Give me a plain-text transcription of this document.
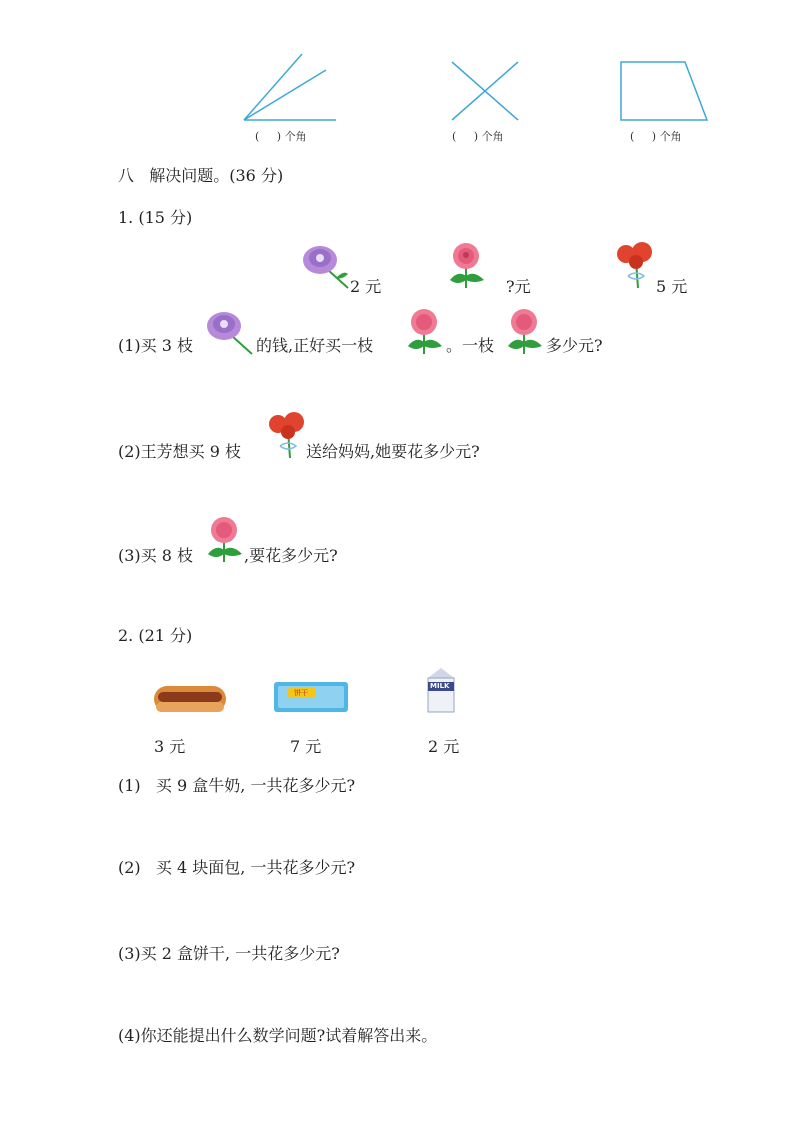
(     ) 个角	(     ) 个角	(     ) 个角
八   解决问题。(36 分)
1. (15 分)
2 元	?元	5 元
(1)买 3 枝	的钱,正好买一枝	。一枝	多少元?
(2)王芳想买 9 枝	送给妈妈,她要花多少元?
(3)买 8 枝	,要花多少元?
2. (21 分)
3 元
饼干
7 元
MILK
2 元
(1)   买 9 盒牛奶, 一共花多少元?
(2)   买 4 块面包, 一共花多少元?
(3)买 2 盒饼干, 一共花多少元?
(4)你还能提出什么数学问题?试着解答出来。
